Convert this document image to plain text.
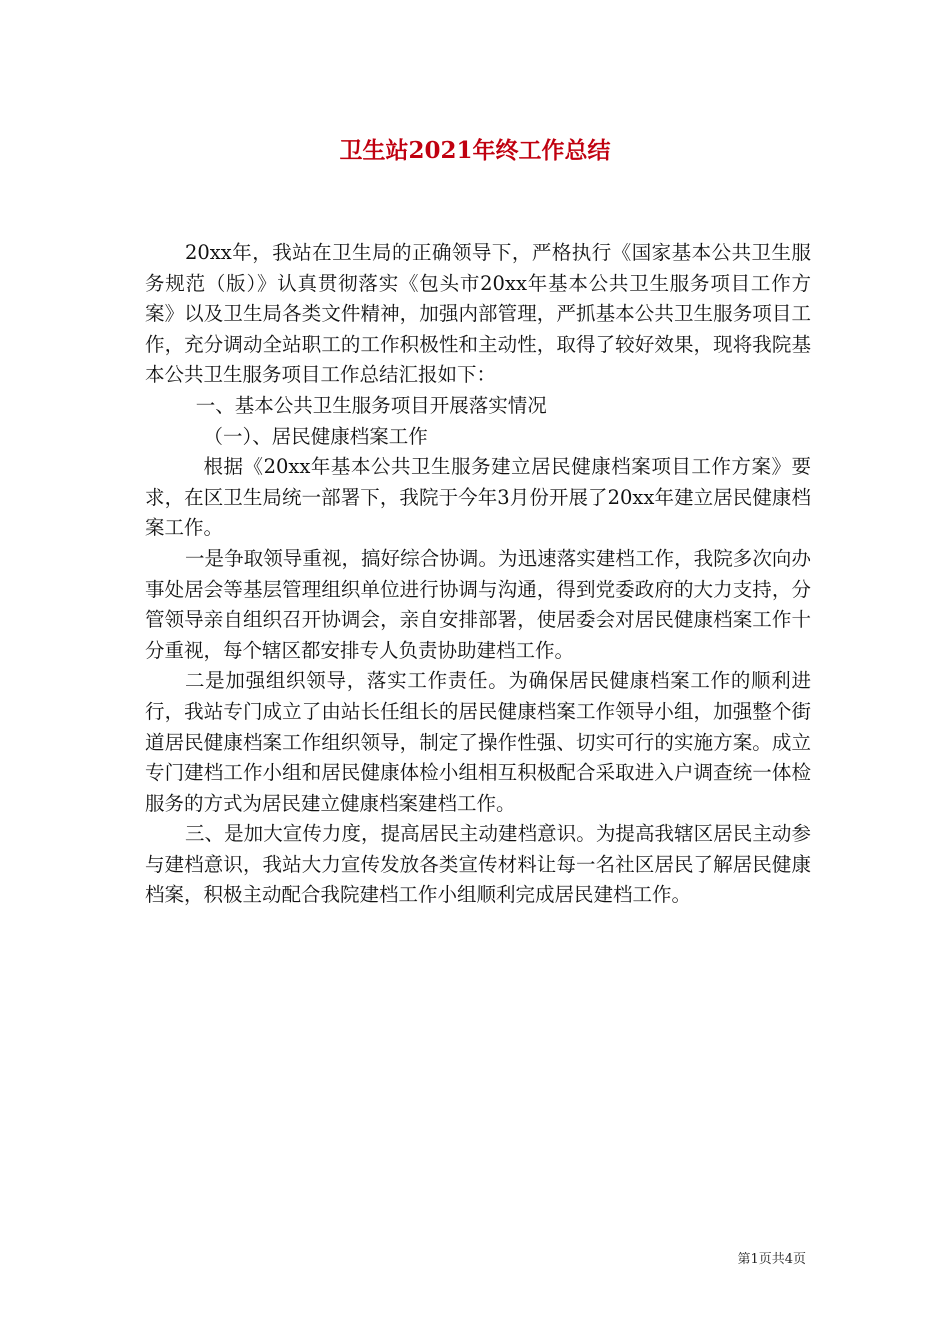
卫生站2021年终工作总结

20xx年，我站在卫生局的正确领导下，严格执行《国家基本公共卫生服务规范（版）》认真贯彻落实《包头市20xx年基本公共卫生服务项目工作方案》以及卫生局各类文件精神，加强内部管理，严抓基本公共卫生服务项目工作，充分调动全站职工的工作积极性和主动性，取得了较好效果，现将我院基本公共卫生服务项目工作总结汇报如下：

一、基本公共卫生服务项目开展落实情况

（一）、居民健康档案工作

根据《20xx年基本公共卫生服务建立居民健康档案项目工作方案》要求，在区卫生局统一部署下，我院于今年3月份开展了20xx年建立居民健康档案工作。

一是争取领导重视，搞好综合协调。为迅速落实建档工作，我院多次向办事处居会等基层管理组织单位进行协调与沟通，得到党委政府的大力支持，分管领导亲自组织召开协调会，亲自安排部署，使居委会对居民健康档案工作十分重视，每个辖区都安排专人负责协助建档工作。

二是加强组织领导，落实工作责任。为确保居民健康档案工作的顺利进行，我站专门成立了由站长任组长的居民健康档案工作领导小组，加强整个街道居民健康档案工作组织领导，制定了操作性强、切实可行的实施方案。成立专门建档工作小组和居民健康体检小组相互积极配合采取进入户调查统一体检服务的方式为居民建立健康档案建档工作。

三、是加大宣传力度，提高居民主动建档意识。为提高我辖区居民主动参与建档意识，我站大力宣传发放各类宣传材料让每一名社区居民了解居民健康档案，积极主动配合我院建档工作小组顺利完成居民建档工作。

第1页共4页
